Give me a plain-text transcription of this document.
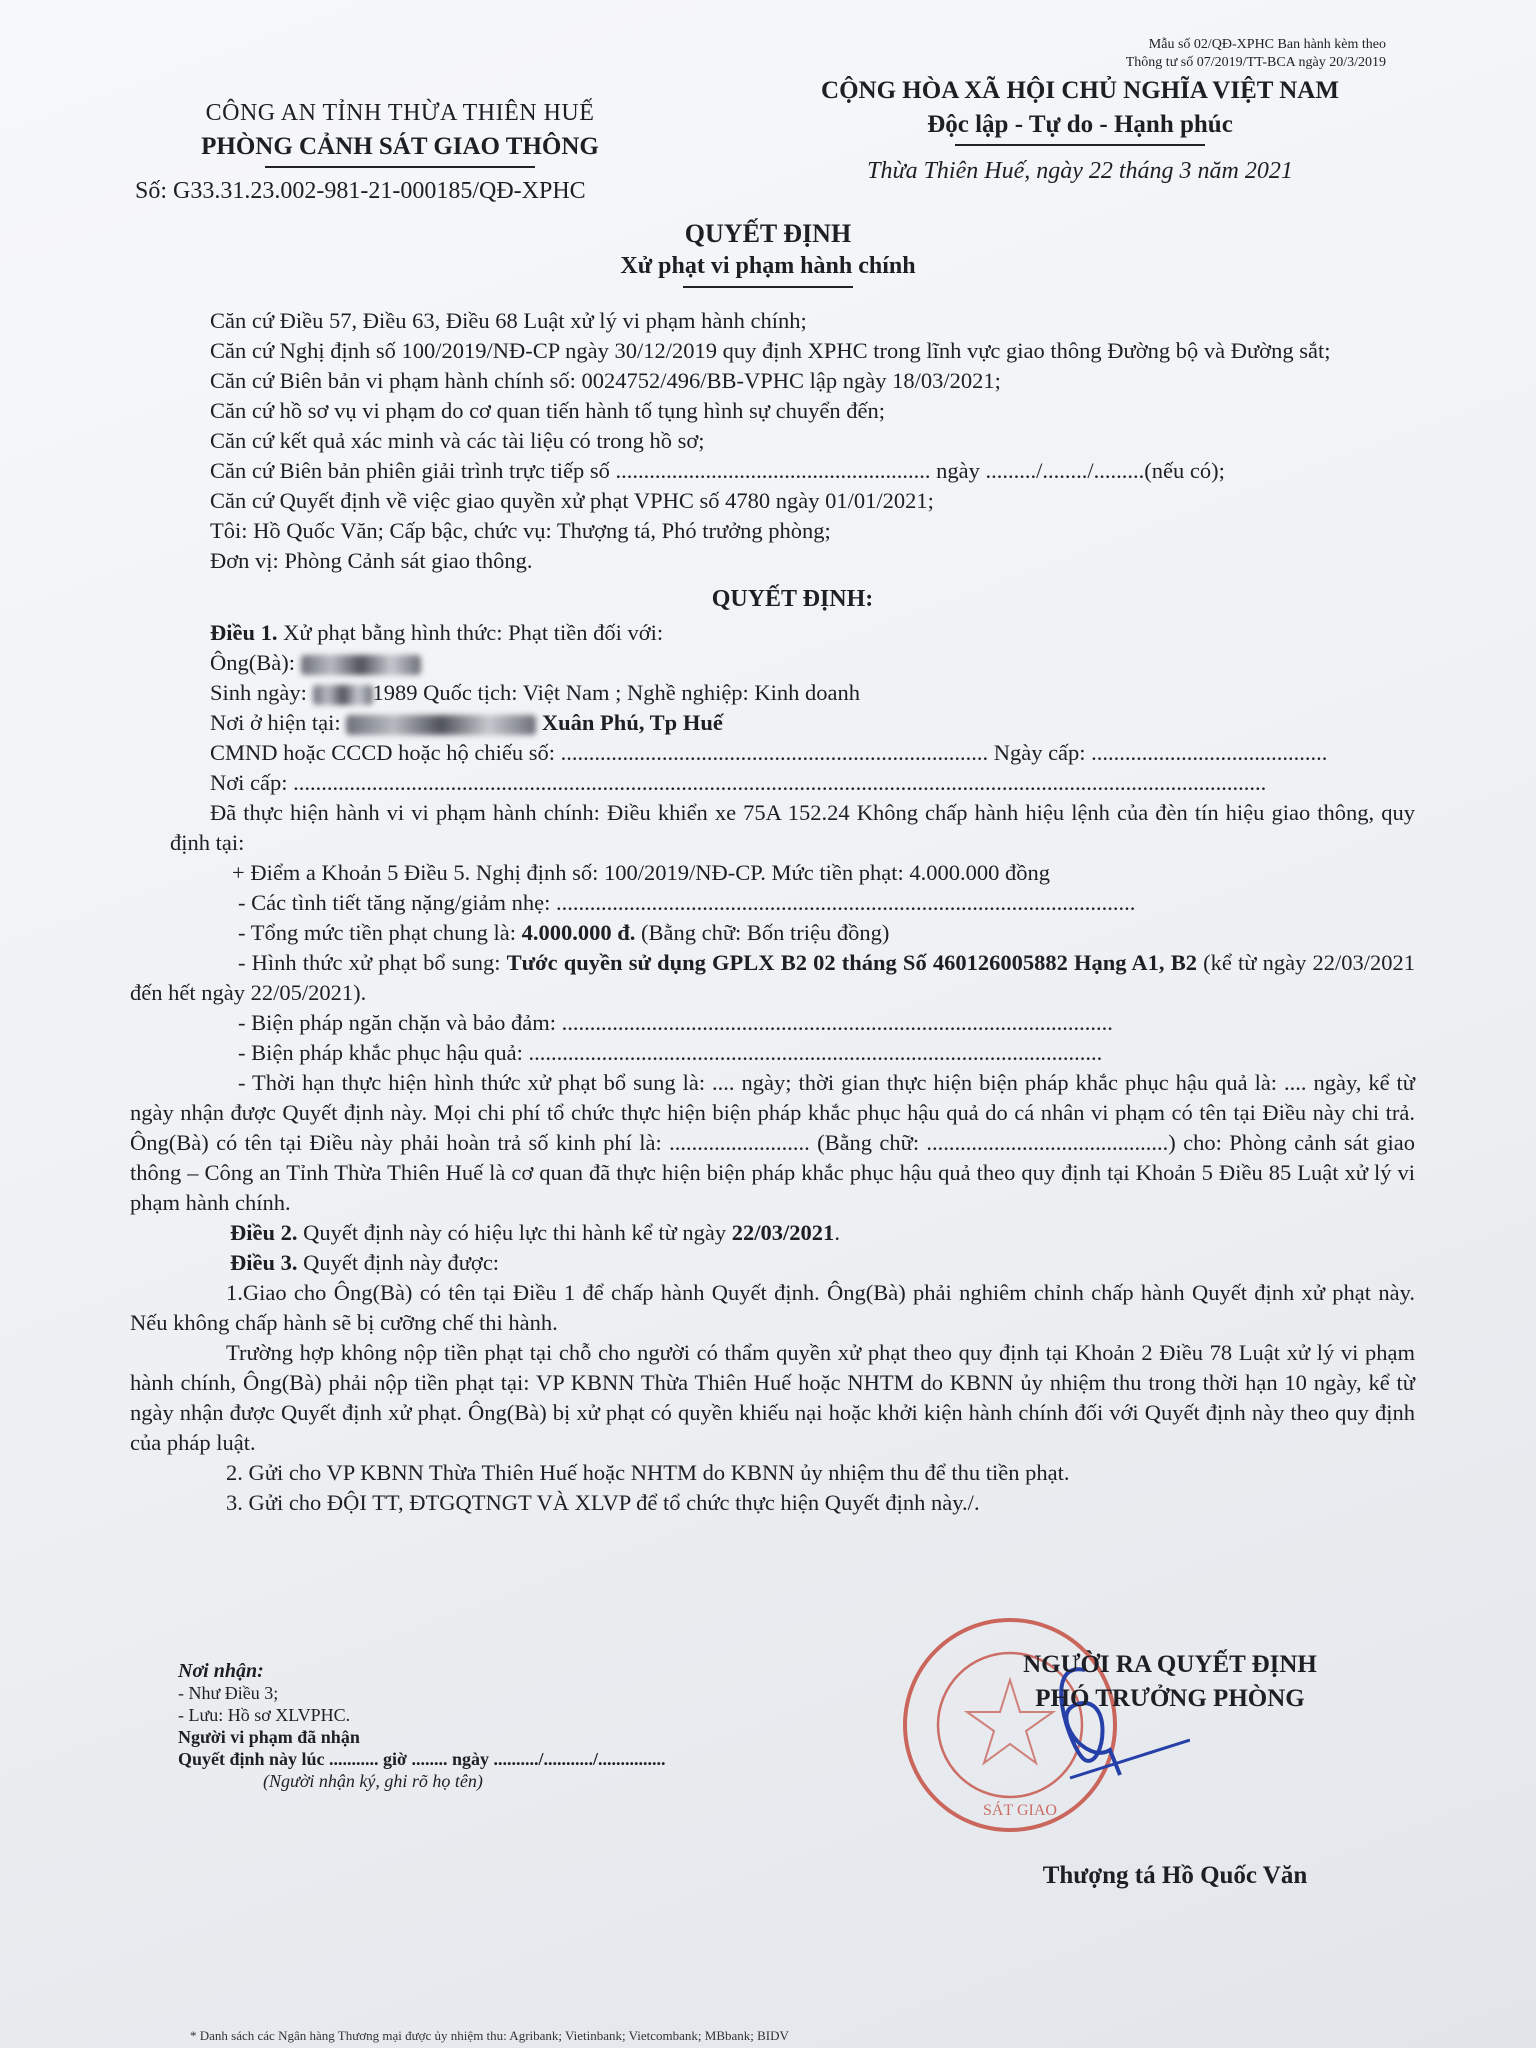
Mẫu số 02/QĐ-XPHC Ban hành kèm theo
Thông tư số 07/2019/TT-BCA ngày 20/3/2019
CÔNG AN TỈNH THỪA THIÊN HUẾ
PHÒNG CẢNH SÁT GIAO THÔNG
Số: G33.31.23.002-981-21-000185/QĐ-XPHC
CỘNG HÒA XÃ HỘI CHỦ NGHĨA VIỆT NAM
Độc lập - Tự do - Hạnh phúc
Thừa Thiên Huế, ngày 22 tháng 3 năm 2021
QUYẾT ĐỊNH
Xử phạt vi phạm hành chính

Căn cứ Điều 57, Điều 63, Điều 68 Luật xử lý vi phạm hành chính;

Căn cứ Nghị định số 100/2019/NĐ-CP ngày 30/12/2019 quy định XPHC trong lĩnh vực giao thông Đường bộ và Đường sắt;

Căn cứ Biên bản vi phạm hành chính số: 0024752/496/BB-VPHC lập ngày 18/03/2021;

Căn cứ hồ sơ vụ vi phạm do cơ quan tiến hành tố tụng hình sự chuyển đến;

Căn cứ kết quả xác minh và các tài liệu có trong hồ sơ;

Căn cứ Biên bản phiên giải trình trực tiếp số ........................................................ ngày ........./......../.........(nếu có);

Căn cứ Quyết định về việc giao quyền xử phạt VPHC số 4780 ngày 01/01/2021;

Tôi: Hồ Quốc Văn; Cấp bậc, chức vụ: Thượng tá, Phó trưởng phòng;

Đơn vị: Phòng Cảnh sát giao thông.

QUYẾT ĐỊNH:

Điều 1. Xử phạt bằng hình thức: Phạt tiền đối với:

Ông(Bà):

Sinh ngày:	1989 Quốc tịch: Việt Nam ; Nghề nghiệp: Kinh doanh

Nơi ở hiện tại:	Xuân Phú, Tp Huế

CMND hoặc CCCD hoặc hộ chiếu số: ............................................................................ Ngày cấp: ..........................................

Nơi cấp: .............................................................................................................................................................................

Đã thực hiện hành vi vi phạm hành chính: Điều khiển xe 75A 152.24 Không chấp hành hiệu lệnh của đèn tín hiệu giao thông, quy định tại:

+ Điểm a Khoản 5 Điều 5. Nghị định số: 100/2019/NĐ-CP. Mức tiền phạt: 4.000.000 đồng

- Các tình tiết tăng nặng/giảm nhẹ: .......................................................................................................

- Tổng mức tiền phạt chung là: 4.000.000 đ. (Bằng chữ: Bốn triệu đồng)

- Hình thức xử phạt bổ sung: Tước quyền sử dụng GPLX B2 02 tháng Số 460126005882 Hạng A1, B2 (kể từ ngày 22/03/2021 đến hết ngày 22/05/2021).

- Biện pháp ngăn chặn và bảo đảm: ..................................................................................................

- Biện pháp khắc phục hậu quả: ......................................................................................................

- Thời hạn thực hiện hình thức xử phạt bổ sung là: .... ngày; thời gian thực hiện biện pháp khắc phục hậu quả là: .... ngày, kể từ ngày nhận được Quyết định này. Mọi chi phí tổ chức thực hiện biện pháp khắc phục hậu quả do cá nhân vi phạm có tên tại Điều này chi trả. Ông(Bà) có tên tại Điều này phải hoàn trả số kinh phí là: ......................... (Bằng chữ: ...........................................) cho: Phòng cảnh sát giao thông – Công an Tỉnh Thừa Thiên Huế là cơ quan đã thực hiện biện pháp khắc phục hậu quả theo quy định tại Khoản 5 Điều 85 Luật xử lý vi phạm hành chính.

Điều 2. Quyết định này có hiệu lực thi hành kể từ ngày 22/03/2021.

Điều 3. Quyết định này được:

1.Giao cho Ông(Bà) có tên tại Điều 1 để chấp hành Quyết định. Ông(Bà) phải nghiêm chỉnh chấp hành Quyết định xử phạt này. Nếu không chấp hành sẽ bị cưỡng chế thi hành.

Trường hợp không nộp tiền phạt tại chỗ cho người có thẩm quyền xử phạt theo quy định tại Khoản 2 Điều 78 Luật xử lý vi phạm hành chính, Ông(Bà) phải nộp tiền phạt tại: VP KBNN Thừa Thiên Huế hoặc NHTM do KBNN ủy nhiệm thu trong thời hạn 10 ngày, kể từ ngày nhận được Quyết định xử phạt. Ông(Bà) bị xử phạt có quyền khiếu nại hoặc khởi kiện hành chính đối với Quyết định này theo quy định của pháp luật.

2. Gửi cho VP KBNN Thừa Thiên Huế hoặc NHTM do KBNN ủy nhiệm thu để thu tiền phạt.

3. Gửi cho ĐỘI TT, ĐTGQTNGT VÀ XLVP để tổ chức thực hiện Quyết định này./.

Nơi nhận:
- Như Điều 3;
- Lưu: Hồ sơ XLVPHC.
Người vi phạm đã nhận
Quyết định này lúc ........... giờ ........ ngày ........../.........../...............
(Người nhận ký, ghi rõ họ tên)
SÁT GIAO
NGƯỜI RA QUYẾT ĐỊNH
PHÓ TRƯỞNG PHÒNG
Thượng tá Hồ Quốc Văn
* Danh sách các Ngân hàng Thương mại được ủy nhiệm thu: Agribank; Vietinbank; Vietcombank; MBbank; BIDV
